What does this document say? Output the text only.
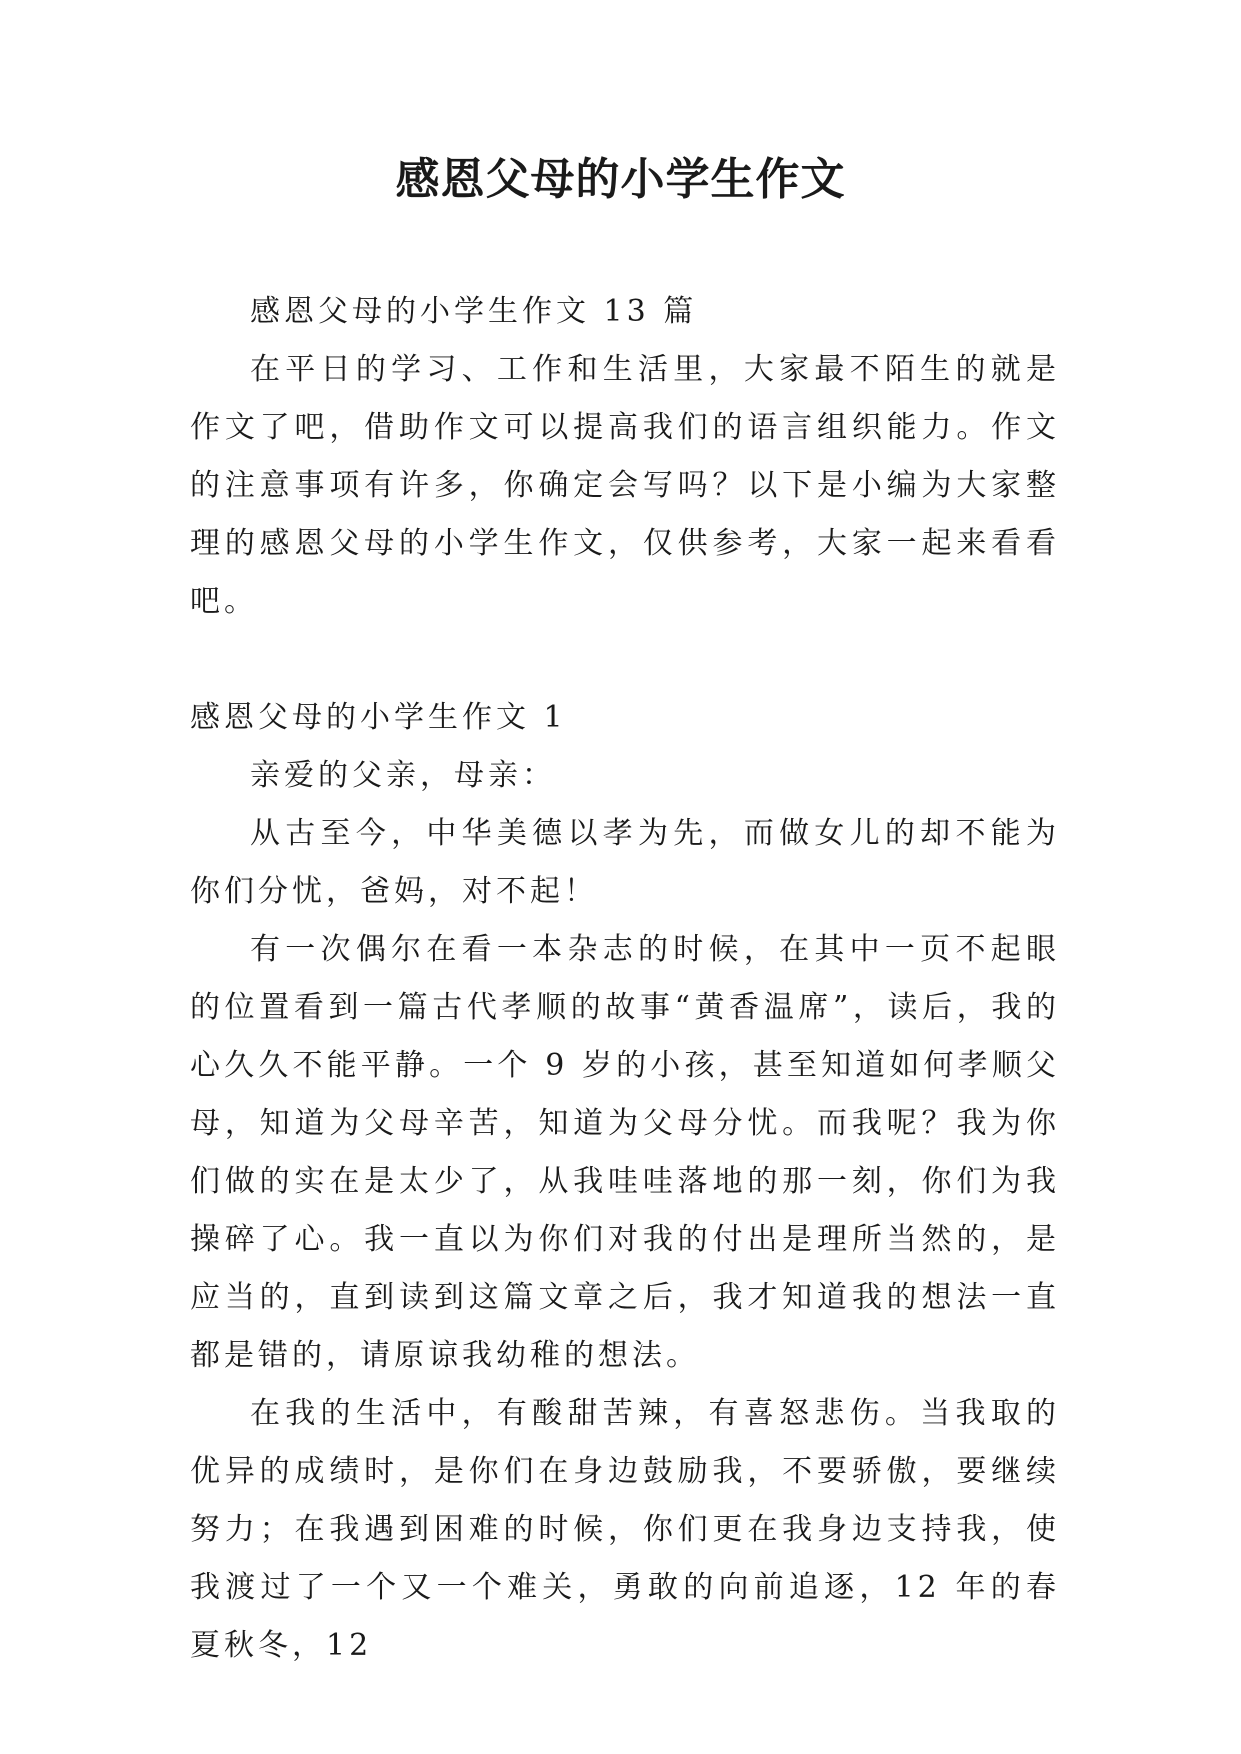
感恩父母的小学生作文

感恩父母的小学生作文 13 篇

在平日的学习、工作和生活里，大家最不陌生的就是作文了吧，借助作文可以提高我们的语言组织能力。作文的注意事项有许多，你确定会写吗？以下是小编为大家整理的感恩父母的小学生作文，仅供参考，大家一起来看看吧。

感恩父母的小学生作文 1

亲爱的父亲，母亲：

从古至今，中华美德以孝为先，而做女儿的却不能为你们分忧，爸妈，对不起！

有一次偶尔在看一本杂志的时候，在其中一页不起眼的位置看到一篇古代孝顺的故事“黄香温席”，读后，我的心久久不能平静。一个 9 岁的小孩，甚至知道如何孝顺父母，知道为父母辛苦，知道为父母分忧。而我呢？我为你们做的实在是太少了，从我哇哇落地的那一刻，你们为我操碎了心。我一直以为你们对我的付出是理所当然的，是应当的，直到读到这篇文章之后，我才知道我的想法一直都是错的，请原谅我幼稚的想法。

在我的生活中，有酸甜苦辣，有喜怒悲伤。当我取的优异的成绩时，是你们在身边鼓励我，不要骄傲，要继续努力；在我遇到困难的时候，你们更在我身边支持我，使我渡过了一个又一个难关，勇敢的向前追逐，12 年的春夏秋冬，12
